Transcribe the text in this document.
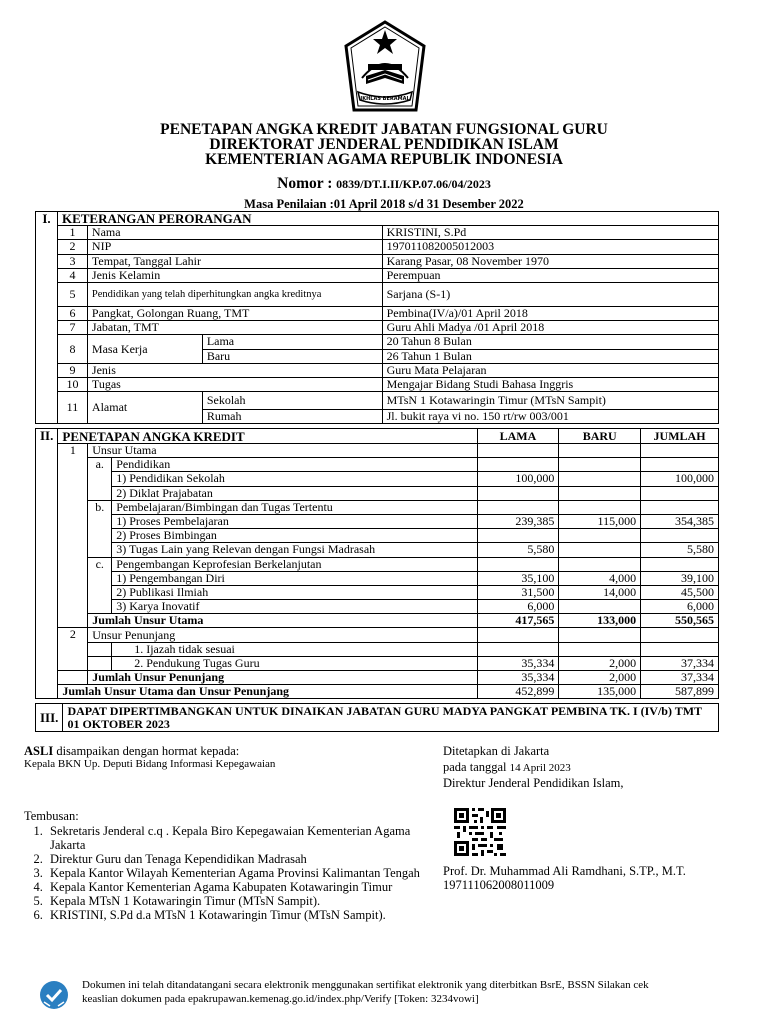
IKHLAS BERAMAL
PENETAPAN ANGKA KREDIT JABATAN FUNGSIONAL GURU
DIREKTORAT JENDERAL PENDIDIKAN ISLAM
KEMENTERIAN AGAMA REPUBLIK INDONESIA
Nomor : 0839/DT.I.II/KP.07.06/04/2023
Masa Penilaian :01 April 2018 s/d 31 Desember 2022
I.	KETERANGAN PERORANGAN			
	1	Nama		KRISTINI, S.Pd
	2	NIP		197011082005012003
	3	Tempat, Tanggal Lahir		Karang Pasar, 08 November 1970
	4	Jenis Kelamin		Perempuan
	5	Pendidikan yang telah diperhitungkan angka kreditnya		Sarjana (S-1)
	6	Pangkat, Golongan Ruang, TMT		Pembina(IV/a)/01 April 2018
	7	Jabatan, TMT		Guru Ahli Madya /01 April 2018
	8	Masa Kerja	Lama	20 Tahun 8 Bulan
			Baru	26 Tahun 1 Bulan
	9	Jenis		Guru Mata Pelajaran
	10	Tugas		Mengajar Bidang Studi Bahasa Inggris
	11	Alamat	Sekolah	MTsN 1 Kotawaringin Timur (MTsN Sampit)
			Rumah	Jl. bukit raya vi no. 150 rt/rw 003/001
II.	PENETAPAN ANGKA KREDIT			LAMA	BARU	JUMLAH
	1	Unsur Utama				
		a.	Pendidikan			
			1) Pendidikan Sekolah	100,000		100,000
			2) Diklat Prajabatan			
		b.	Pembelajaran/Bimbingan dan Tugas Tertentu			
			1) Proses Pembelajaran	239,385	115,000	354,385
			2) Proses Bimbingan			
			3) Tugas Lain yang Relevan dengan Fungsi Madrasah	5,580		5,580
		c.	Pengembangan Keprofesian Berkelanjutan			
			1) Pengembangan Diri	35,100	4,000	39,100
			2) Publikasi Ilmiah	31,500	14,000	45,500
			3) Karya Inovatif	6,000		6,000
		Jumlah Unsur Utama		417,565	133,000	550,565
	2	Unsur Penunjang				
			1. Ijazah tidak sesuai			
			2. Pendukung Tugas Guru	35,334	2,000	37,334
		Jumlah Unsur Penunjang		35,334	2,000	37,334
	Jumlah Unsur Utama dan Unsur Penunjang			452,899	135,000	587,899
III.	DAPAT DIPERTIMBANGKAN UNTUK DINAIKAN JABATAN GURU MADYA PANGKAT PEMBINA TK. I (IV/b) TMT 01 OKTOBER 2023
ASLI disampaikan dengan hormat kepada:
Kepala BKN Up. Deputi Bidang Informasi Kepegawaian
Ditetapkan di Jakarta
pada tanggal 14 April 2023
Direktur Jenderal Pendidikan Islam,
Prof. Dr. Muhammad Ali Ramdhani, S.TP., M.T.
197111062008011009
Tembusan:
1. Sekretaris Jenderal c.q . Kepala Biro Kepegawaian Kementerian Agama Jakarta
2. Direktur Guru dan Tenaga Kependidikan Madrasah
3. Kepala Kantor Wilayah Kementerian Agama Provinsi Kalimantan Tengah
4. Kepala Kantor Kementerian Agama Kabupaten Kotawaringin Timur
5. Kepala MTsN 1 Kotawaringin Timur (MTsN Sampit).
6. KRISTINI, S.Pd d.a MTsN 1 Kotawaringin Timur (MTsN Sampit).
Dokumen ini telah ditandatangani secara elektronik menggunakan sertifikat elektronik yang diterbitkan BsrE, BSSN Silakan cek
keaslian dokumen pada epakrupawan.kemenag.go.id/index.php/Verify [Token: 3234vowi]
